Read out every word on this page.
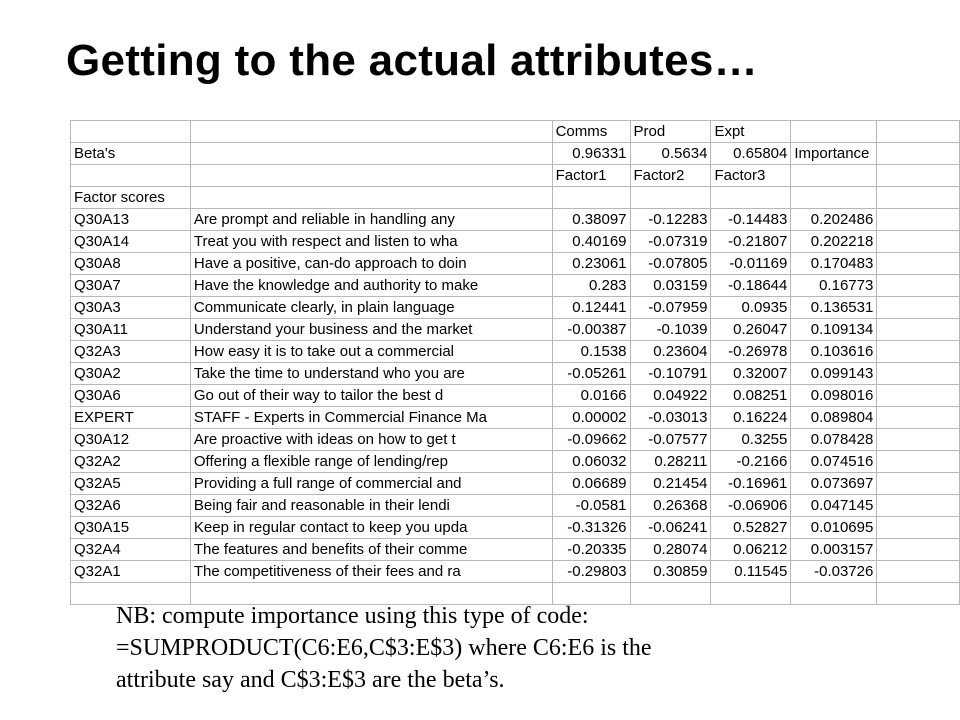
Getting to the actual attributes…
		Comms	Prod	Expt		
Beta's		0.96331	0.5634	0.65804	Importance	
		Factor1	Factor2	Factor3		
Factor scores						
Q30A13	Are prompt and reliable in handling any	0.38097	-0.12283	-0.14483	0.202486	
Q30A14	Treat you with respect and listen to wha	0.40169	-0.07319	-0.21807	0.202218	
Q30A8	Have a positive, can-do approach to doin	0.23061	-0.07805	-0.01169	0.170483	
Q30A7	Have the knowledge and authority to make	0.283	0.03159	-0.18644	0.16773	
Q30A3	Communicate clearly, in plain language	0.12441	-0.07959	0.0935	0.136531	
Q30A11	Understand your business and the market	-0.00387	-0.1039	0.26047	0.109134	
Q32A3	How easy it is to take out a commercial	0.1538	0.23604	-0.26978	0.103616	
Q30A2	Take the time to understand who you are	-0.05261	-0.10791	0.32007	0.099143	
Q30A6	Go out of their way to tailor the best d	0.0166	0.04922	0.08251	0.098016	
EXPERT	STAFF - Experts in Commercial Finance Ma	0.00002	-0.03013	0.16224	0.089804	
Q30A12	Are proactive with ideas on how to get t	-0.09662	-0.07577	0.3255	0.078428	
Q32A2	Offering a flexible range of lending/rep	0.06032	0.28211	-0.2166	0.074516	
Q32A5	Providing a full range of commercial and	0.06689	0.21454	-0.16961	0.073697	
Q32A6	Being fair and reasonable in their lendi	-0.0581	0.26368	-0.06906	0.047145	
Q30A15	Keep in regular contact to keep you upda	-0.31326	-0.06241	0.52827	0.010695	
Q32A4	The features and benefits of their comme	-0.20335	0.28074	0.06212	0.003157	
Q32A1	The competitiveness of their fees and ra	-0.29803	0.30859	0.11545	-0.03726	

NB: compute importance using this type of code:
=SUMPRODUCT(C6:E6,C$3:E$3) where C6:E6 is the
attribute say and C$3:E$3 are the beta’s.
